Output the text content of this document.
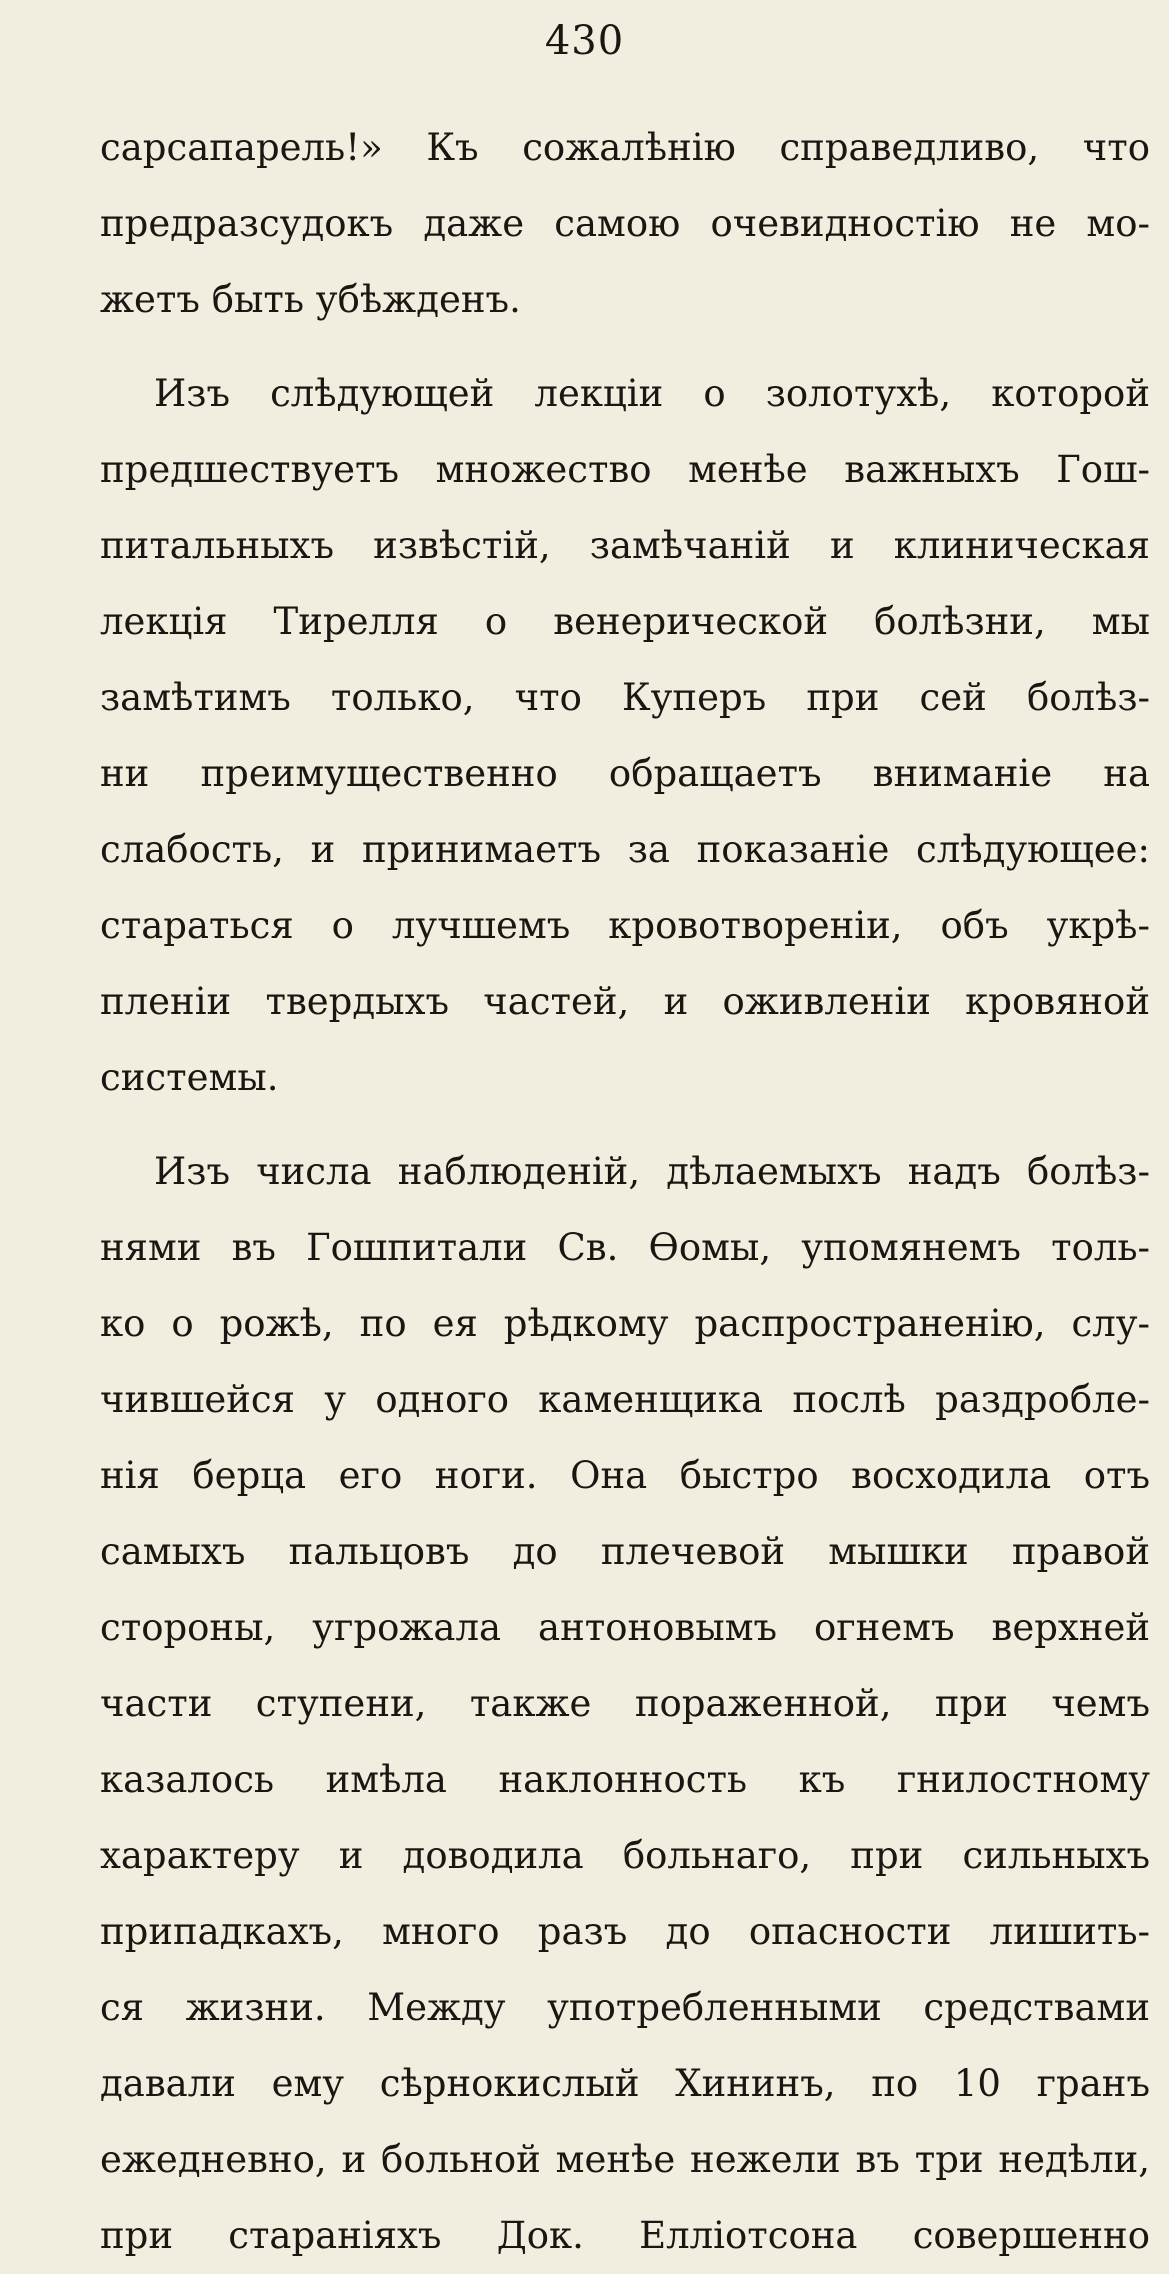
430
сарсапарель!» Къ сожалѣнію справедливо, что
предразсудокъ даже самою очевидностію не мо-
жетъ быть убѣжденъ.
Изъ слѣдующей лекціи о золотухѣ, которой
предшествуетъ множество менѣе важныхъ Гош-
питальныхъ извѣстій, замѣчаній и клиническая
лекція Тирелля о венерической болѣзни, мы
замѣтимъ только, что Куперъ при сей болѣз-
ни преимущественно обращаетъ вниманіе на
слабость, и принимаетъ за показаніе слѣдующее:
стараться о лучшемъ кровотвореніи, объ укрѣ-
пленіи твердыхъ частей, и оживленіи кровяной
системы.
Изъ числа наблюденій, дѣлаемыхъ надъ болѣз-
нями въ Гошпитали Св. Ѳомы, упомянемъ толь-
ко о рожѣ, по ея рѣдкому распространенію, слу-
чившейся у одного каменщика послѣ раздробле-
нія берца его ноги. Она быстро восходила отъ
самыхъ пальцовъ до плечевой мышки правой
стороны, угрожала антоновымъ огнемъ верхней
части ступени, также пораженной, при чемъ
казалось имѣла наклонность къ гнилостному
характеру и доводила больнаго, при сильныхъ
припадкахъ, много разъ до опасности лишить-
ся жизни. Между употребленными средствами
давали ему сѣрнокислый Хининъ, по 10 гранъ
ежедневно, и больной менѣе нежели въ три недѣли,
при стараніяхъ Док. Елліотсона совершенно
